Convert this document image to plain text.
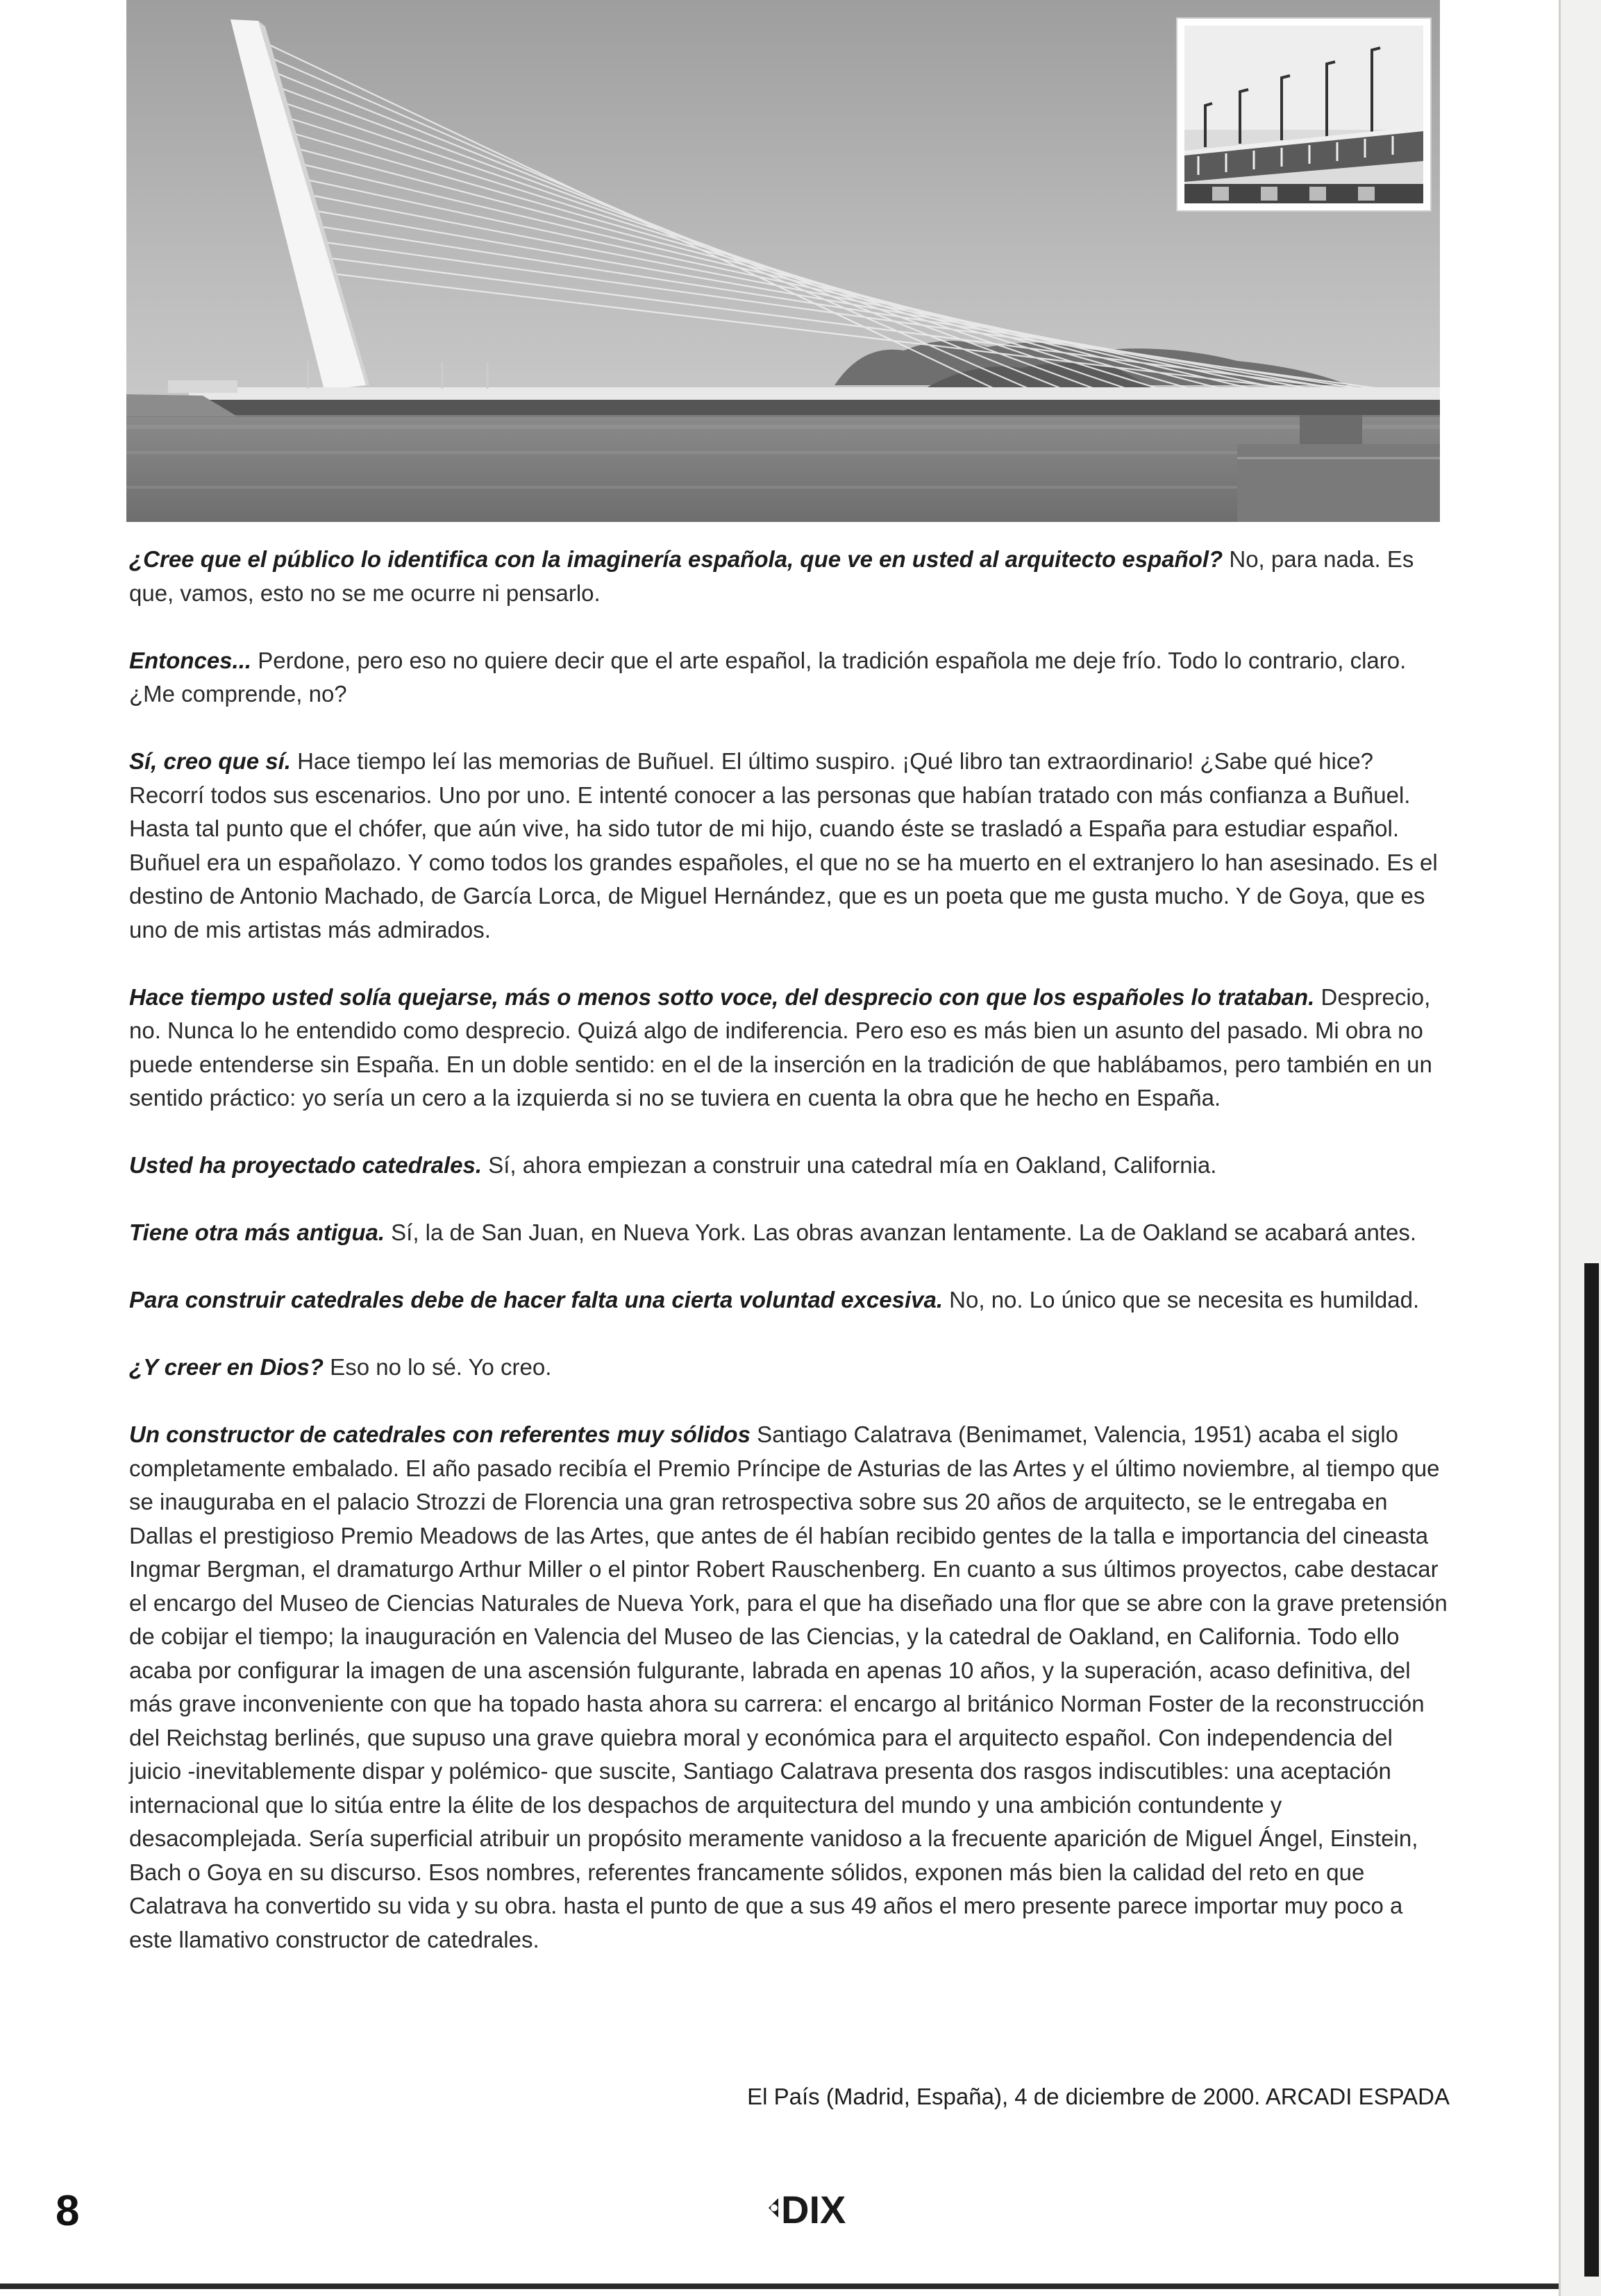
¿Cree que el público lo identifica con la imaginería española, que ve en usted al arquitecto español? No, para nada. Es que, vamos, esto no se me ocurre ni pensarlo.

Entonces... Perdone, pero eso no quiere decir que el arte español, la tradición española me deje frío. Todo lo contrario, claro. ¿Me comprende, no?

Sí, creo que sí. Hace tiempo leí las memorias de Buñuel. El último suspiro. ¡Qué libro tan extraordinario! ¿Sabe qué hice? Recorrí todos sus escenarios. Uno por uno. E intenté conocer a las personas que habían tratado con más confianza a Buñuel. Hasta tal punto que el chófer, que aún vive, ha sido tutor de mi hijo, cuando éste se trasladó a España para estudiar español. Buñuel era un españolazo. Y como todos los grandes españoles, el que no se ha muerto en el extranjero lo han asesinado. Es el destino de Antonio Machado, de García Lorca, de Miguel Hernández, que es un poeta que me gusta mucho. Y de Goya, que es uno de mis artistas más admirados.

Hace tiempo usted solía quejarse, más o menos sotto voce, del desprecio con que los españoles lo trataban. Desprecio, no. Nunca lo he entendido como desprecio. Quizá algo de indiferencia. Pero eso es más bien un asunto del pasado. Mi obra no puede entenderse sin España. En un doble sentido: en el de la inserción en la tradición de que hablábamos, pero también en un sentido práctico: yo sería un cero a la izquierda si no se tuviera en cuenta la obra que he hecho en España.

Usted ha proyectado catedrales. Sí, ahora empiezan a construir una catedral mía en Oakland, California.

Tiene otra más antigua. Sí, la de San Juan, en Nueva York. Las obras avanzan lentamente. La de Oakland se acabará antes.

Para construir catedrales debe de hacer falta una cierta voluntad excesiva. No, no. Lo único que se necesita es humildad.

¿Y creer en Dios? Eso no lo sé. Yo creo.

Un constructor de catedrales con referentes muy sólidos Santiago Calatrava (Benimamet, Valencia, 1951) acaba el siglo completamente embalado. El año pasado recibía el Premio Príncipe de Asturias de las Artes y el último noviembre, al tiempo que se inauguraba en el palacio Strozzi de Florencia una gran retrospectiva sobre sus 20 años de arquitecto, se le entregaba en Dallas el prestigioso Premio Meadows de las Artes, que antes de él habían recibido gentes de la talla e importancia del cineasta Ingmar Bergman, el dramaturgo Arthur Miller o el pintor Robert Rauschenberg. En cuanto a sus últimos proyectos, cabe destacar el encargo del Museo de Ciencias Naturales de Nueva York, para el que ha diseñado una flor que se abre con la grave pretensión de cobijar el tiempo; la inauguración en Valencia del Museo de las Ciencias, y la catedral de Oakland, en California. Todo ello acaba por configurar la imagen de una ascensión fulgurante, labrada en apenas 10 años, y la superación, acaso definitiva, del más grave inconveniente con que ha topado hasta ahora su carrera: el encargo al británico Norman Foster de la reconstrucción del Reichstag berlinés, que supuso una grave quiebra moral y económica para el arquitecto español. Con independencia del juicio -inevitablemente dispar y polémico- que suscite, Santiago Calatrava presenta dos rasgos indiscutibles: una aceptación internacional que lo sitúa entre la élite de los despachos de arquitectura del mundo y una ambición contundente y desacomplejada. Sería superficial atribuir un propósito meramente vanidoso a la frecuente aparición de Miguel Ángel, Einstein, Bach o Goya en su discurso. Esos nombres, referentes francamente sólidos, exponen más bien la calidad del reto en que Calatrava ha convertido su vida y su obra. hasta el punto de que a sus 49 años el mero presente parece importar muy poco a este llamativo constructor de catedrales.

El País (Madrid, España), 4 de diciembre de 2000. ARCADI ESPADA
8	DIX
